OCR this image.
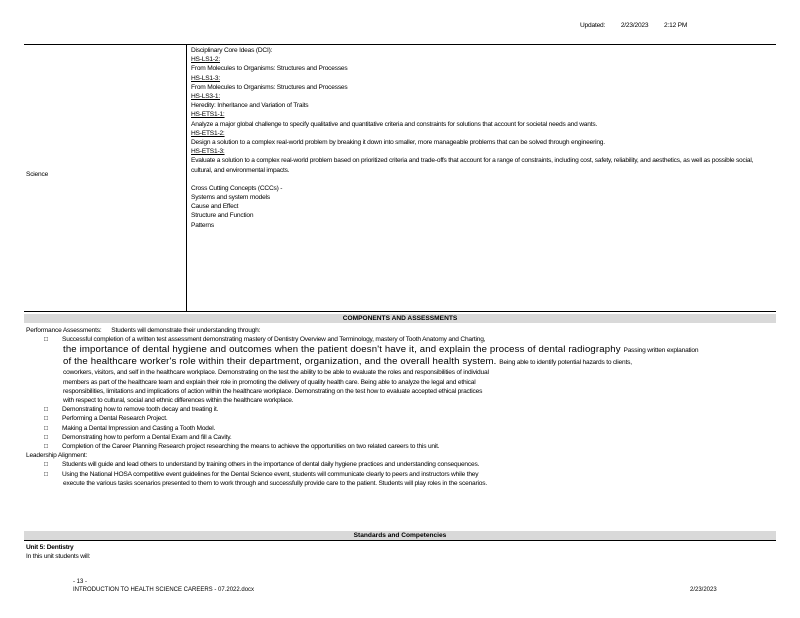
Updated: 2/23/2023 2:12 PM
Science
Disciplinary Core Ideas (DCI):
HS-LS1-2:
From Molecules to Organisms: Structures and Processes
HS-LS1-3:
From Molecules to Organisms: Structures and Processes
HS-LS3-1:
Heredity: Inheritance and Variation of Traits
HS-ETS1-1:
Analyze a major global challenge to specify qualitative and quantitative criteria and constraints for solutions that account for societal needs and wants.
HS-ETS1-2:
Design a solution to a complex real-world problem by breaking it down into smaller, more manageable problems that can be solved through engineering.
HS-ETS1-3:
Evaluate a solution to a complex real-world problem based on prioritized criteria and trade-offs that account for a range of constraints, including cost, safety, reliability, and aesthetics, as well as possible social, cultural, and environmental impacts.
Cross Cutting Concepts (CCCs) -
Systems and system models
Cause and Effect
Structure and Function
Patterns
COMPONENTS AND ASSESSMENTS
Performance Assessments: Students will demonstrate their understanding through:
□ Successful completion of a written test assessment demonstrating mastery of Dentistry Overview and Terminology, mastery of Tooth Anatomy and Charting,
the importance of dental hygiene and outcomes when the patient doesn't have it, and explain the process of dental radiography Passing written explanation
of the healthcare worker's role within their department, organization, and the overall health system. Being able to identify potential hazards to clients,
coworkers, visitors, and self in the healthcare workplace. Demonstrating on the test the ability to be able to evaluate the roles and responsibilities of individual
members as part of the healthcare team and explain their role in promoting the delivery of quality health care. Being able to analyze the legal and ethical
responsibilities, limitations and implications of action within the healthcare workplace. Demonstrating on the test how to evaluate accepted ethical practices
with respect to cultural, social and ethnic differences within the healthcare workplace.
□ Demonstrating how to remove tooth decay and treating it.
□ Performing a Dental Research Project.
□ Making a Dental Impression and Casting a Tooth Model.
□ Demonstrating how to perform a Dental Exam and fill a Cavity.
□ Completion of the Career Planning Research project researching the means to achieve the opportunities on two related careers to this unit.
Leadership Alignment:
□ Students will guide and lead others to understand by training others in the importance of dental daily hygiene practices and understanding consequences.
□ Using the National HOSA competitive event guidelines for the Dental Science event, students will communicate clearly to peers and instructors while they
execute the various tasks scenarios presented to them to work through and successfully provide care to the patient. Students will play roles in the scenarios.
Standards and Competencies
Unit 5: Dentistry
In this unit students will:
- 13 -
INTRODUCTION TO HEALTH SCIENCE CAREERS - 07.2022.docx	2/23/2023
